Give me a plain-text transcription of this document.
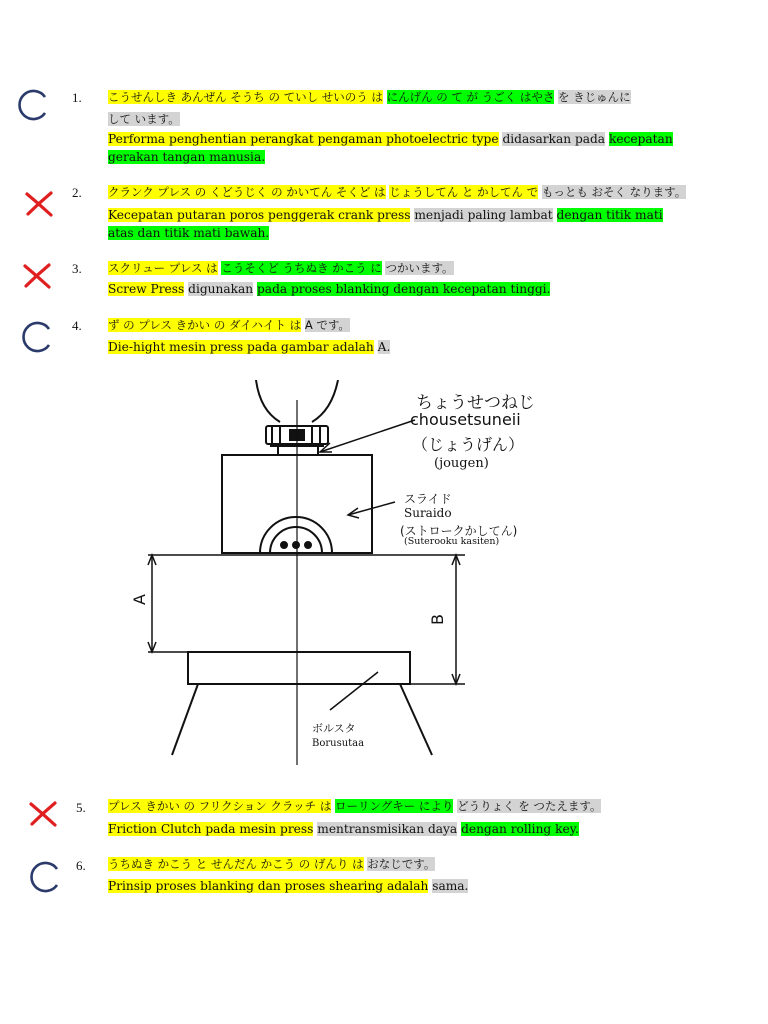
1. こうせんしき あんぜん そうち の ていし せいのう は にんげん の て が うごく はやさ を きじゅんに
して います。
Performa penghentian perangkat pengaman photoelectric type didasarkan pada kecepatan
gerakan tangan manusia.
2. クランク プレス の くどうじく の かいてん そくど は じょうしてん と かしてん で もっとも おそく なります。
Kecepatan putaran poros penggerak crank press menjadi paling lambat dengan titik mati
atas dan titik mati bawah.
3. スクリュー プレス は こうそくど うちぬき かこう に つかいます。
Screw Press digunakan pada proses blanking dengan kecepatan tinggi.
4. ず の プレス きかい の ダイハイト は A です。
Die-hight mesin press pada gambar adalah A.
A
B
ちょうせつねじ
chousetsuneii
（じょうげん）
(jougen)
スライド
Suraido
(ストロークかしてん)
(Suterooku kasiten)
ボルスタ
Borusutaa
5. プレス きかい の フリクション クラッチ は ローリングキー により どうりょく を つたえます。
Friction Clutch pada mesin press mentransmisikan daya dengan rolling key.
6. うちぬき かこう と せんだん かこう の げんり は おなじです。
Prinsip proses blanking dan proses shearing adalah sama.
